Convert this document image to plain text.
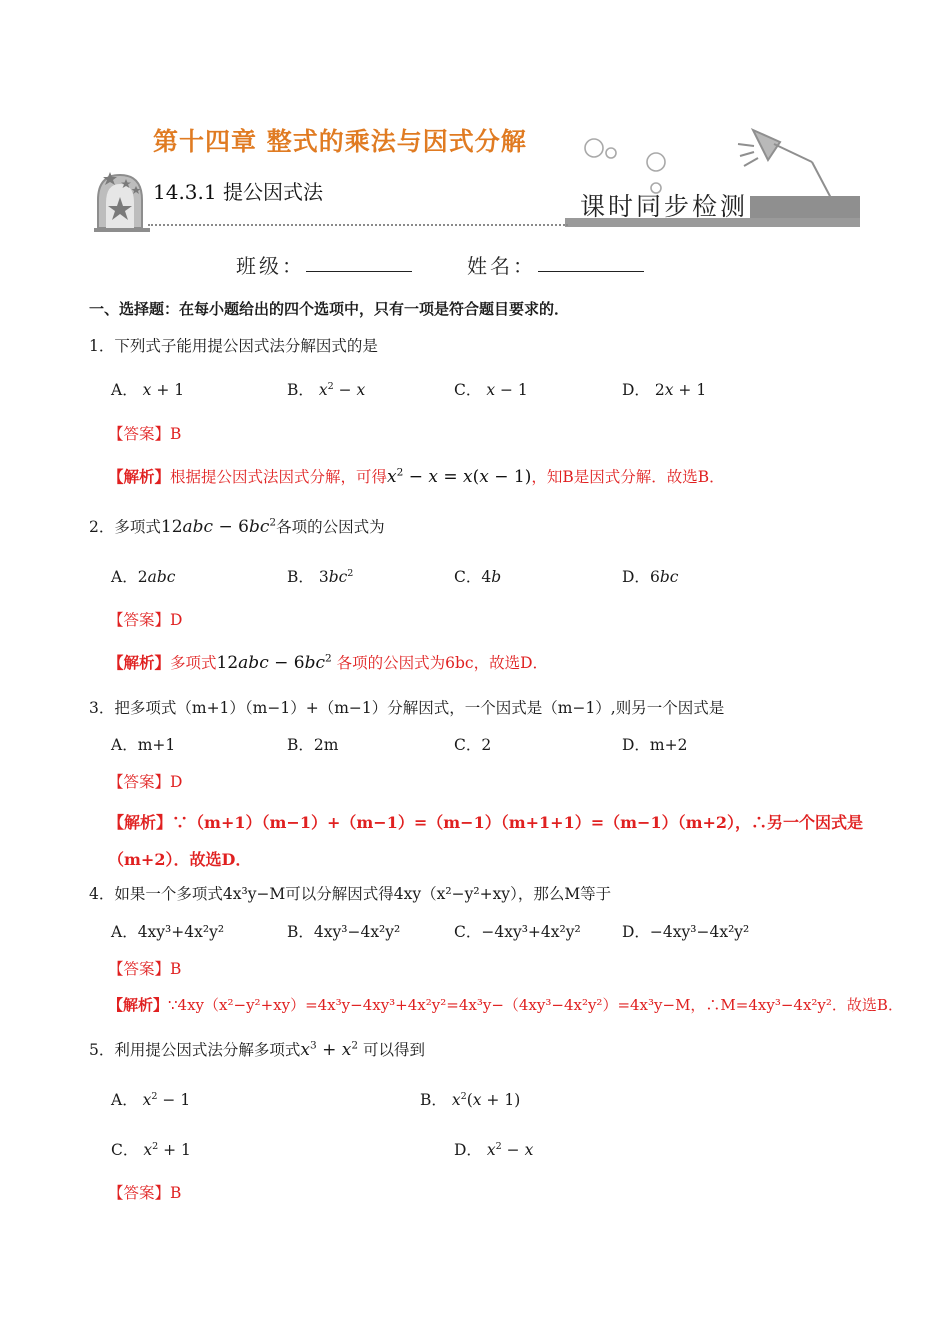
第十四章 整式的乘法与因式分解
14.3.1 提公因式法	课时同步检测
班级：	姓名：
一、选择题：在每小题给出的四个选项中，只有一项是符合题目要求的．
1．下列式子能用提公因式法分解因式的是
A． x + 1	B． $x^2 - x$	C． x − 1	D． 2x + 1
【答案】B
【解析】根据提公因式法因式分解，可得$x^2 - x = x(x - 1)$，知B是因式分解．故选B．
2．多项式$12abc - 6bc^2$各项的公因式为
A．2abc	B． $3bc^2$	C．4b	D．6bc
【答案】D
【解析】多项式$12abc - 6bc^2$ 各项的公因式为6bc，故选D．
3．把多项式（m+1）（m−1）+（m−1）分解因式，一个因式是（m−1）,则另一个因式是
A．m+1	B．2m	C．2	D．m+2
【答案】D
【解析】∵（m+1）（m−1）+（m−1）=（m−1）（m+1+1）=（m−1）（m+2），∴另一个因式是（m+2）．故选D．
4．如果一个多项式4x³y−M可以分解因式得4xy（x²−y²+xy），那么M等于
A．4xy³+4x²y²	B．4xy³−4x²y²	C．−4xy³+4x²y²	D．−4xy³−4x²y²
【答案】B
【解析】∵4xy（x²−y²+xy）=4x³y−4xy³+4x²y²=4x³y−（4xy³−4x²y²）=4x³y−M，∴M=4xy³−4x²y²．故选B．
5．利用提公因式法分解多项式$x^3 + x^2$ 可以得到
A． $x^2 - 1$	B． $x^2(x + 1)$
C． $x^2 + 1$	D． $x^2 - x$
【答案】B
